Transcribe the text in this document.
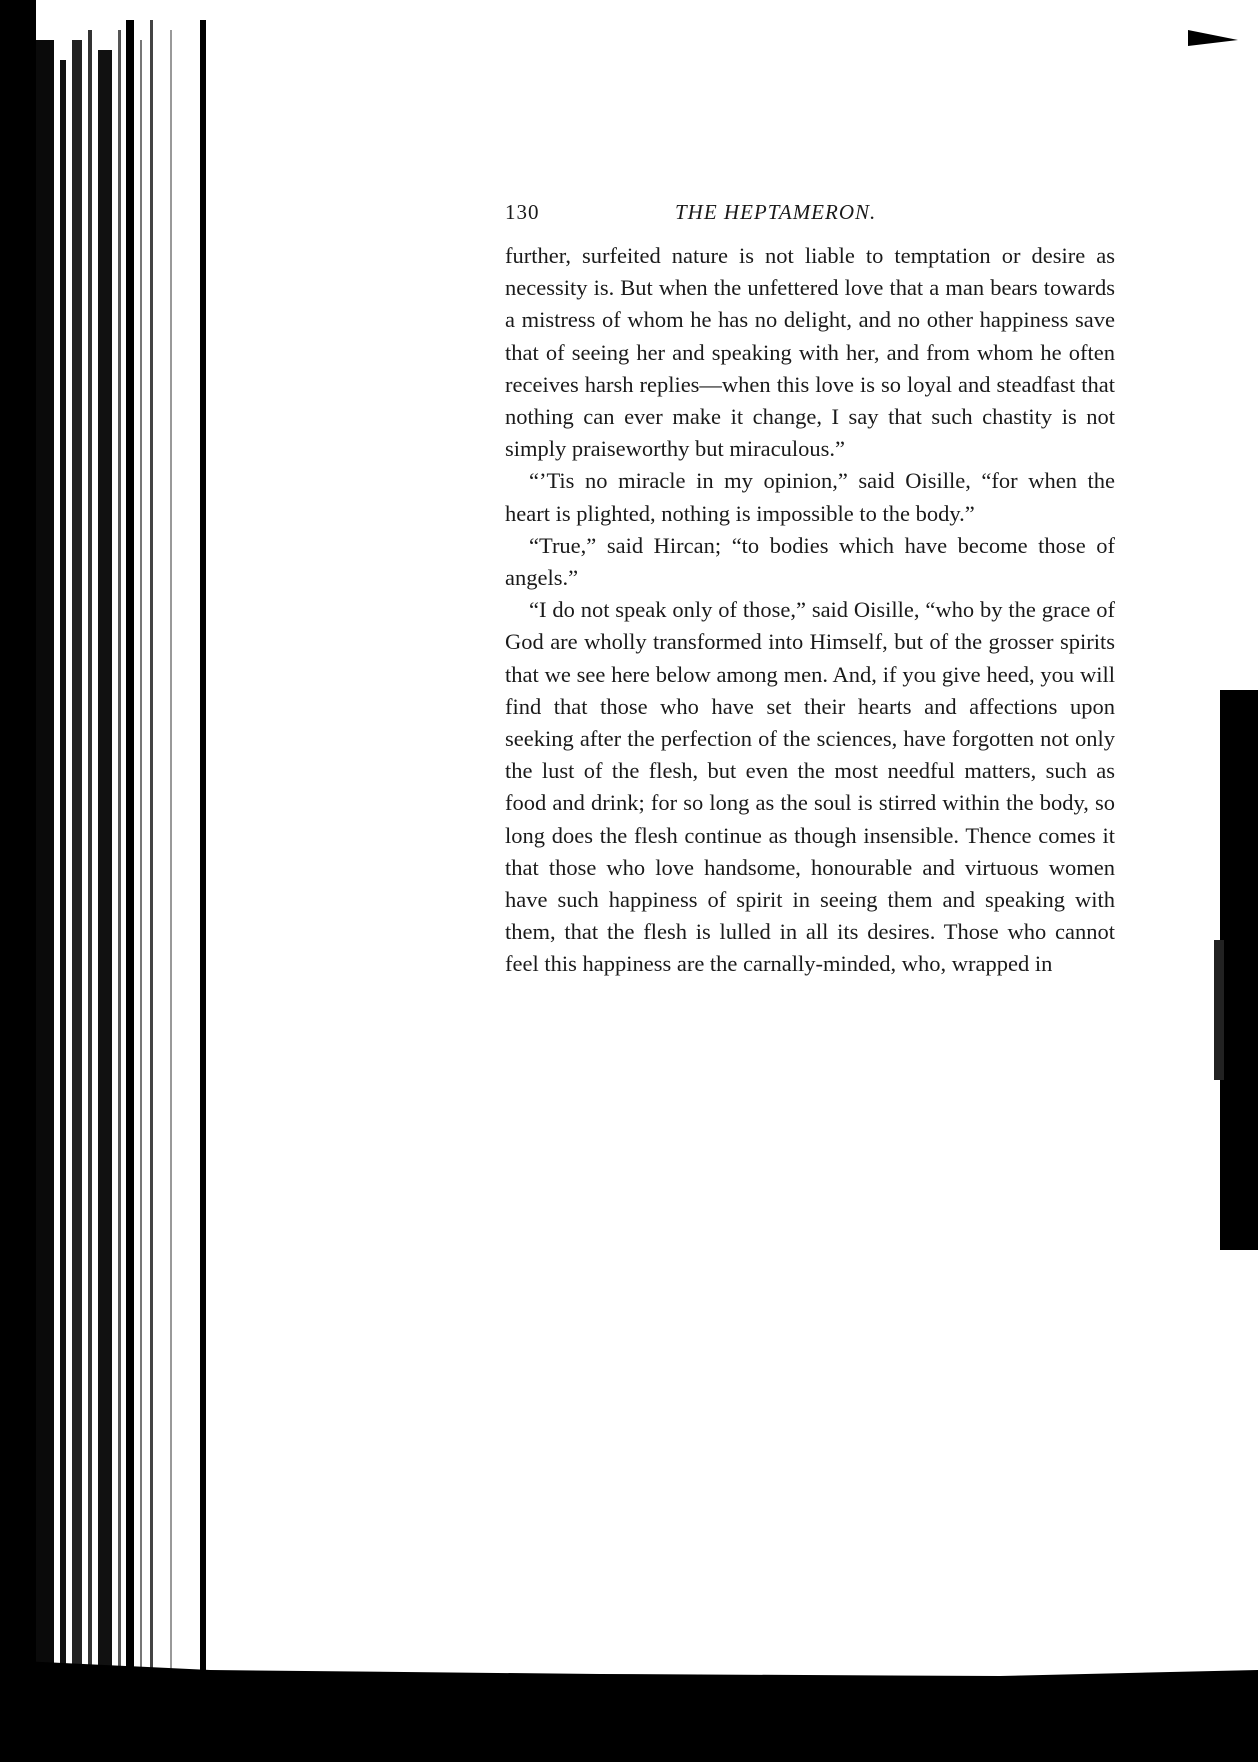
130	THE HEPTAMERON.

further, surfeited nature is not liable to temptation or desire as necessity is. But when the unfettered love that a man bears towards a mistress of whom he has no delight, and no other happiness save that of seeing her and speaking with her, and from whom he often receives harsh replies—when this love is so loyal and steadfast that nothing can ever make it change, I say that such chastity is not simply praiseworthy but miraculous.”

“’Tis no miracle in my opinion,” said Oisille, “for when the heart is plighted, nothing is impossible to the body.”

“True,” said Hircan; “to bodies which have become those of angels.”

“I do not speak only of those,” said Oisille, “who by the grace of God are wholly transformed into Himself, but of the grosser spirits that we see here below among men. And, if you give heed, you will find that those who have set their hearts and affections upon seeking after the perfection of the sciences, have forgotten not only the lust of the flesh, but even the most needful matters, such as food and drink; for so long as the soul is stirred within the body, so long does the flesh continue as though insensible. Thence comes it that those who love handsome, honourable and virtuous women have such happiness of spirit in seeing them and speaking with them, that the flesh is lulled in all its desires. Those who cannot feel this happiness are the carnally-minded, who, wrapped in
